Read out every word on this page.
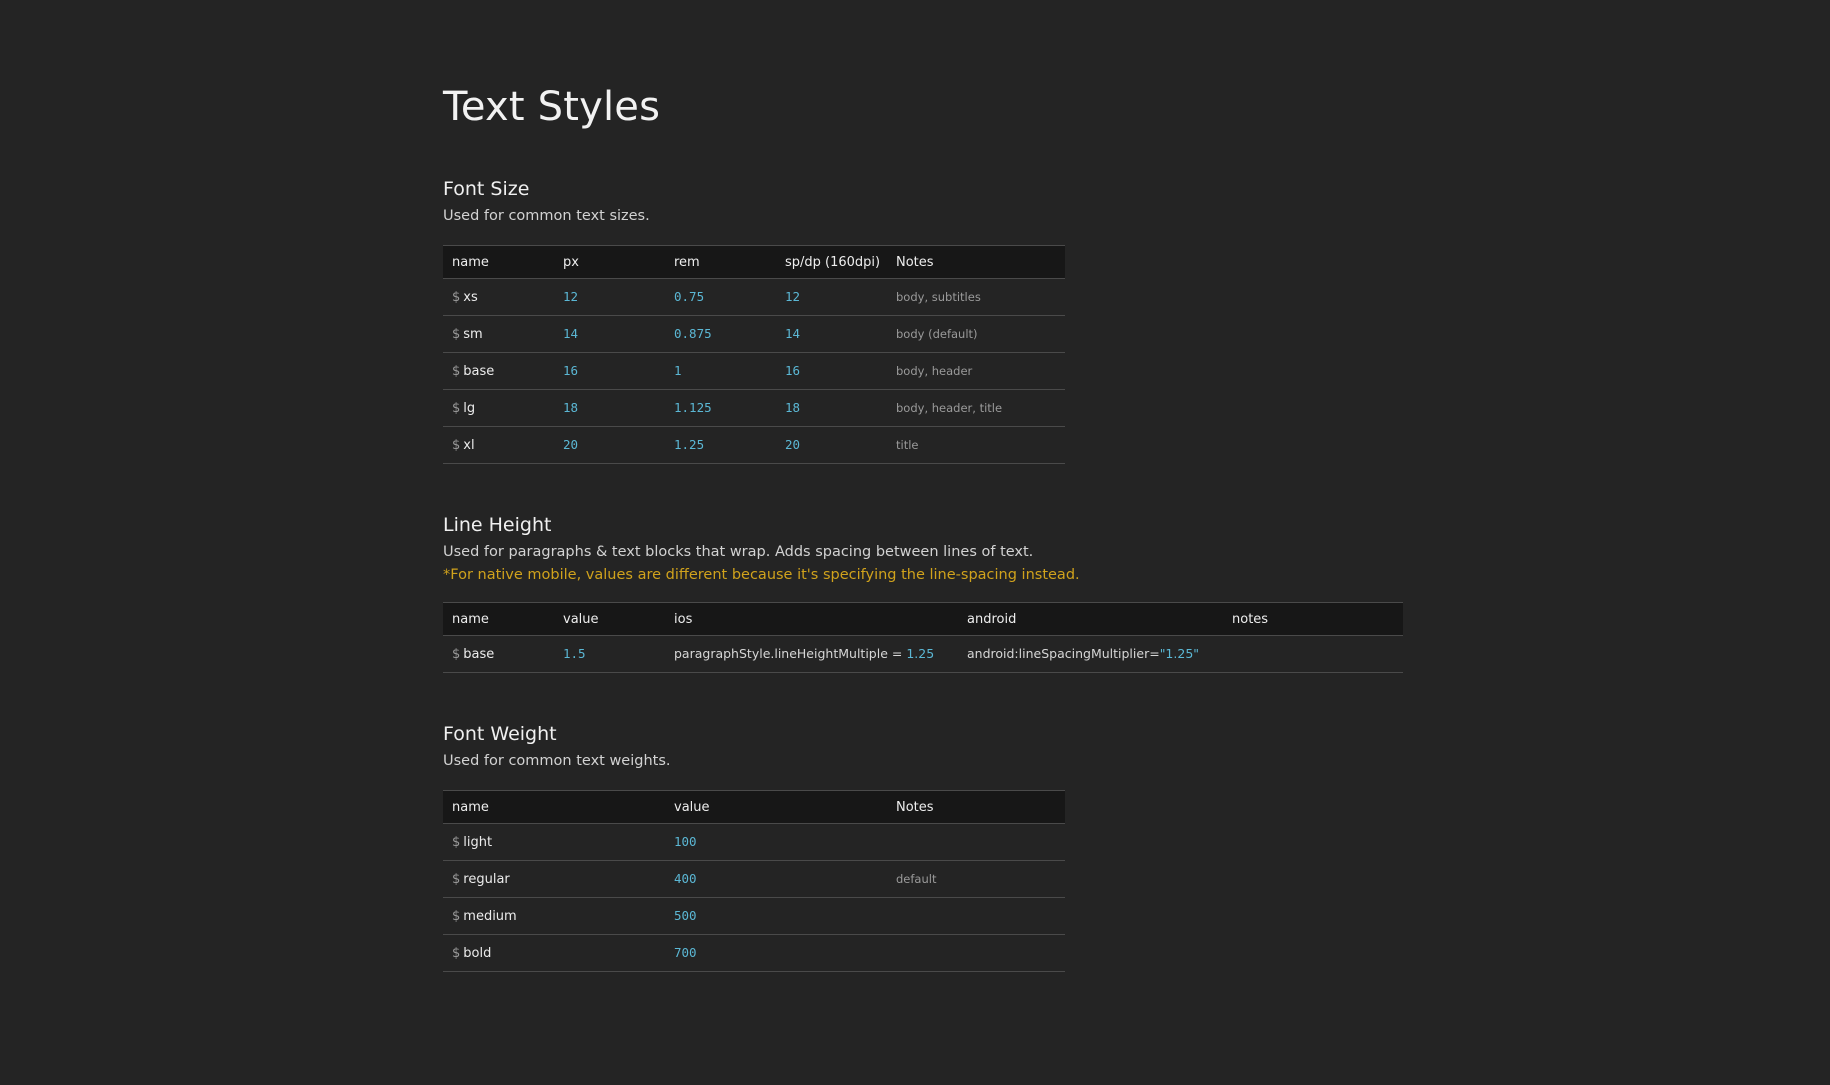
Text Styles
Font Size
Used for common text sizes.
name	px	rem	sp/dp (160dpi)	Notes
$ xs	12	0.75	12	body, subtitles
$ sm	14	0.875	14	body (default)
$ base	16	1	16	body, header
$ lg	18	1.125	18	body, header, title
$ xl	20	1.25	20	title
Line Height
Used for paragraphs & text blocks that wrap. Adds spacing between lines of text.
*For native mobile, values are different because it's specifying the line-spacing instead.
name	value	ios	android	notes
$ base	1.5	paragraphStyle.lineHeightMultiple = 1.25	android:lineSpacingMultiplier="1.25"	
Font Weight
Used for common text weights.
name	value	Notes
$ light	100	
$ regular	400	default
$ medium	500	
$ bold	700	
